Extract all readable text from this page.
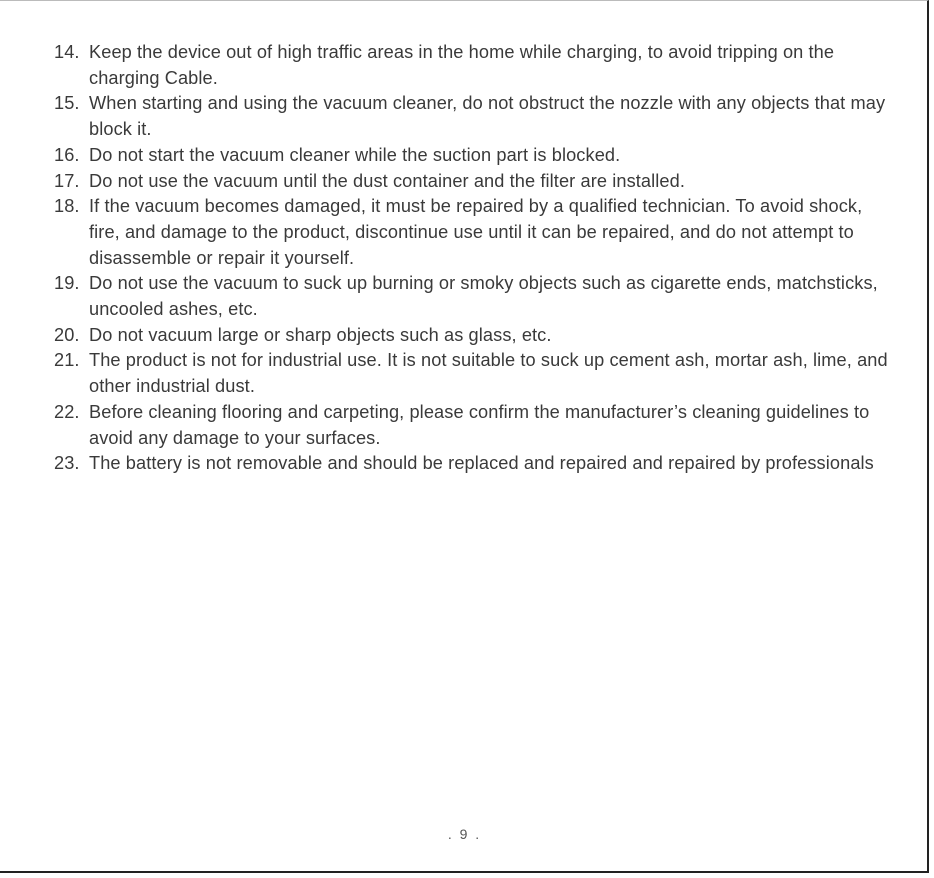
14. Keep the device out of high traffic areas in the home while charging, to avoid tripping on the charging Cable.
15. When starting and using the vacuum cleaner, do not obstruct the nozzle with any objects that may block it.
16. Do not start the vacuum cleaner while the suction part is blocked.
17. Do not use the vacuum until the dust container and the filter are installed.
18. If the vacuum becomes damaged, it must be repaired by a qualified technician. To avoid shock, fire, and damage to the product, discontinue use until it can be repaired, and do not attempt to disassemble or repair it yourself.
19. Do not use the vacuum to suck up burning or smoky objects such as cigarette ends, matchsticks, uncooled ashes, etc.
20. Do not vacuum large or sharp objects such as glass, etc.
21. The product is not for industrial use. It is not suitable to suck up cement ash, mortar ash, lime, and other industrial dust.
22. Before cleaning flooring and carpeting, please confirm the manufacturer’s cleaning guidelines to avoid any damage to your surfaces.
23. The battery is not removable and should be replaced and repaired and repaired by professionals
. 9 .
